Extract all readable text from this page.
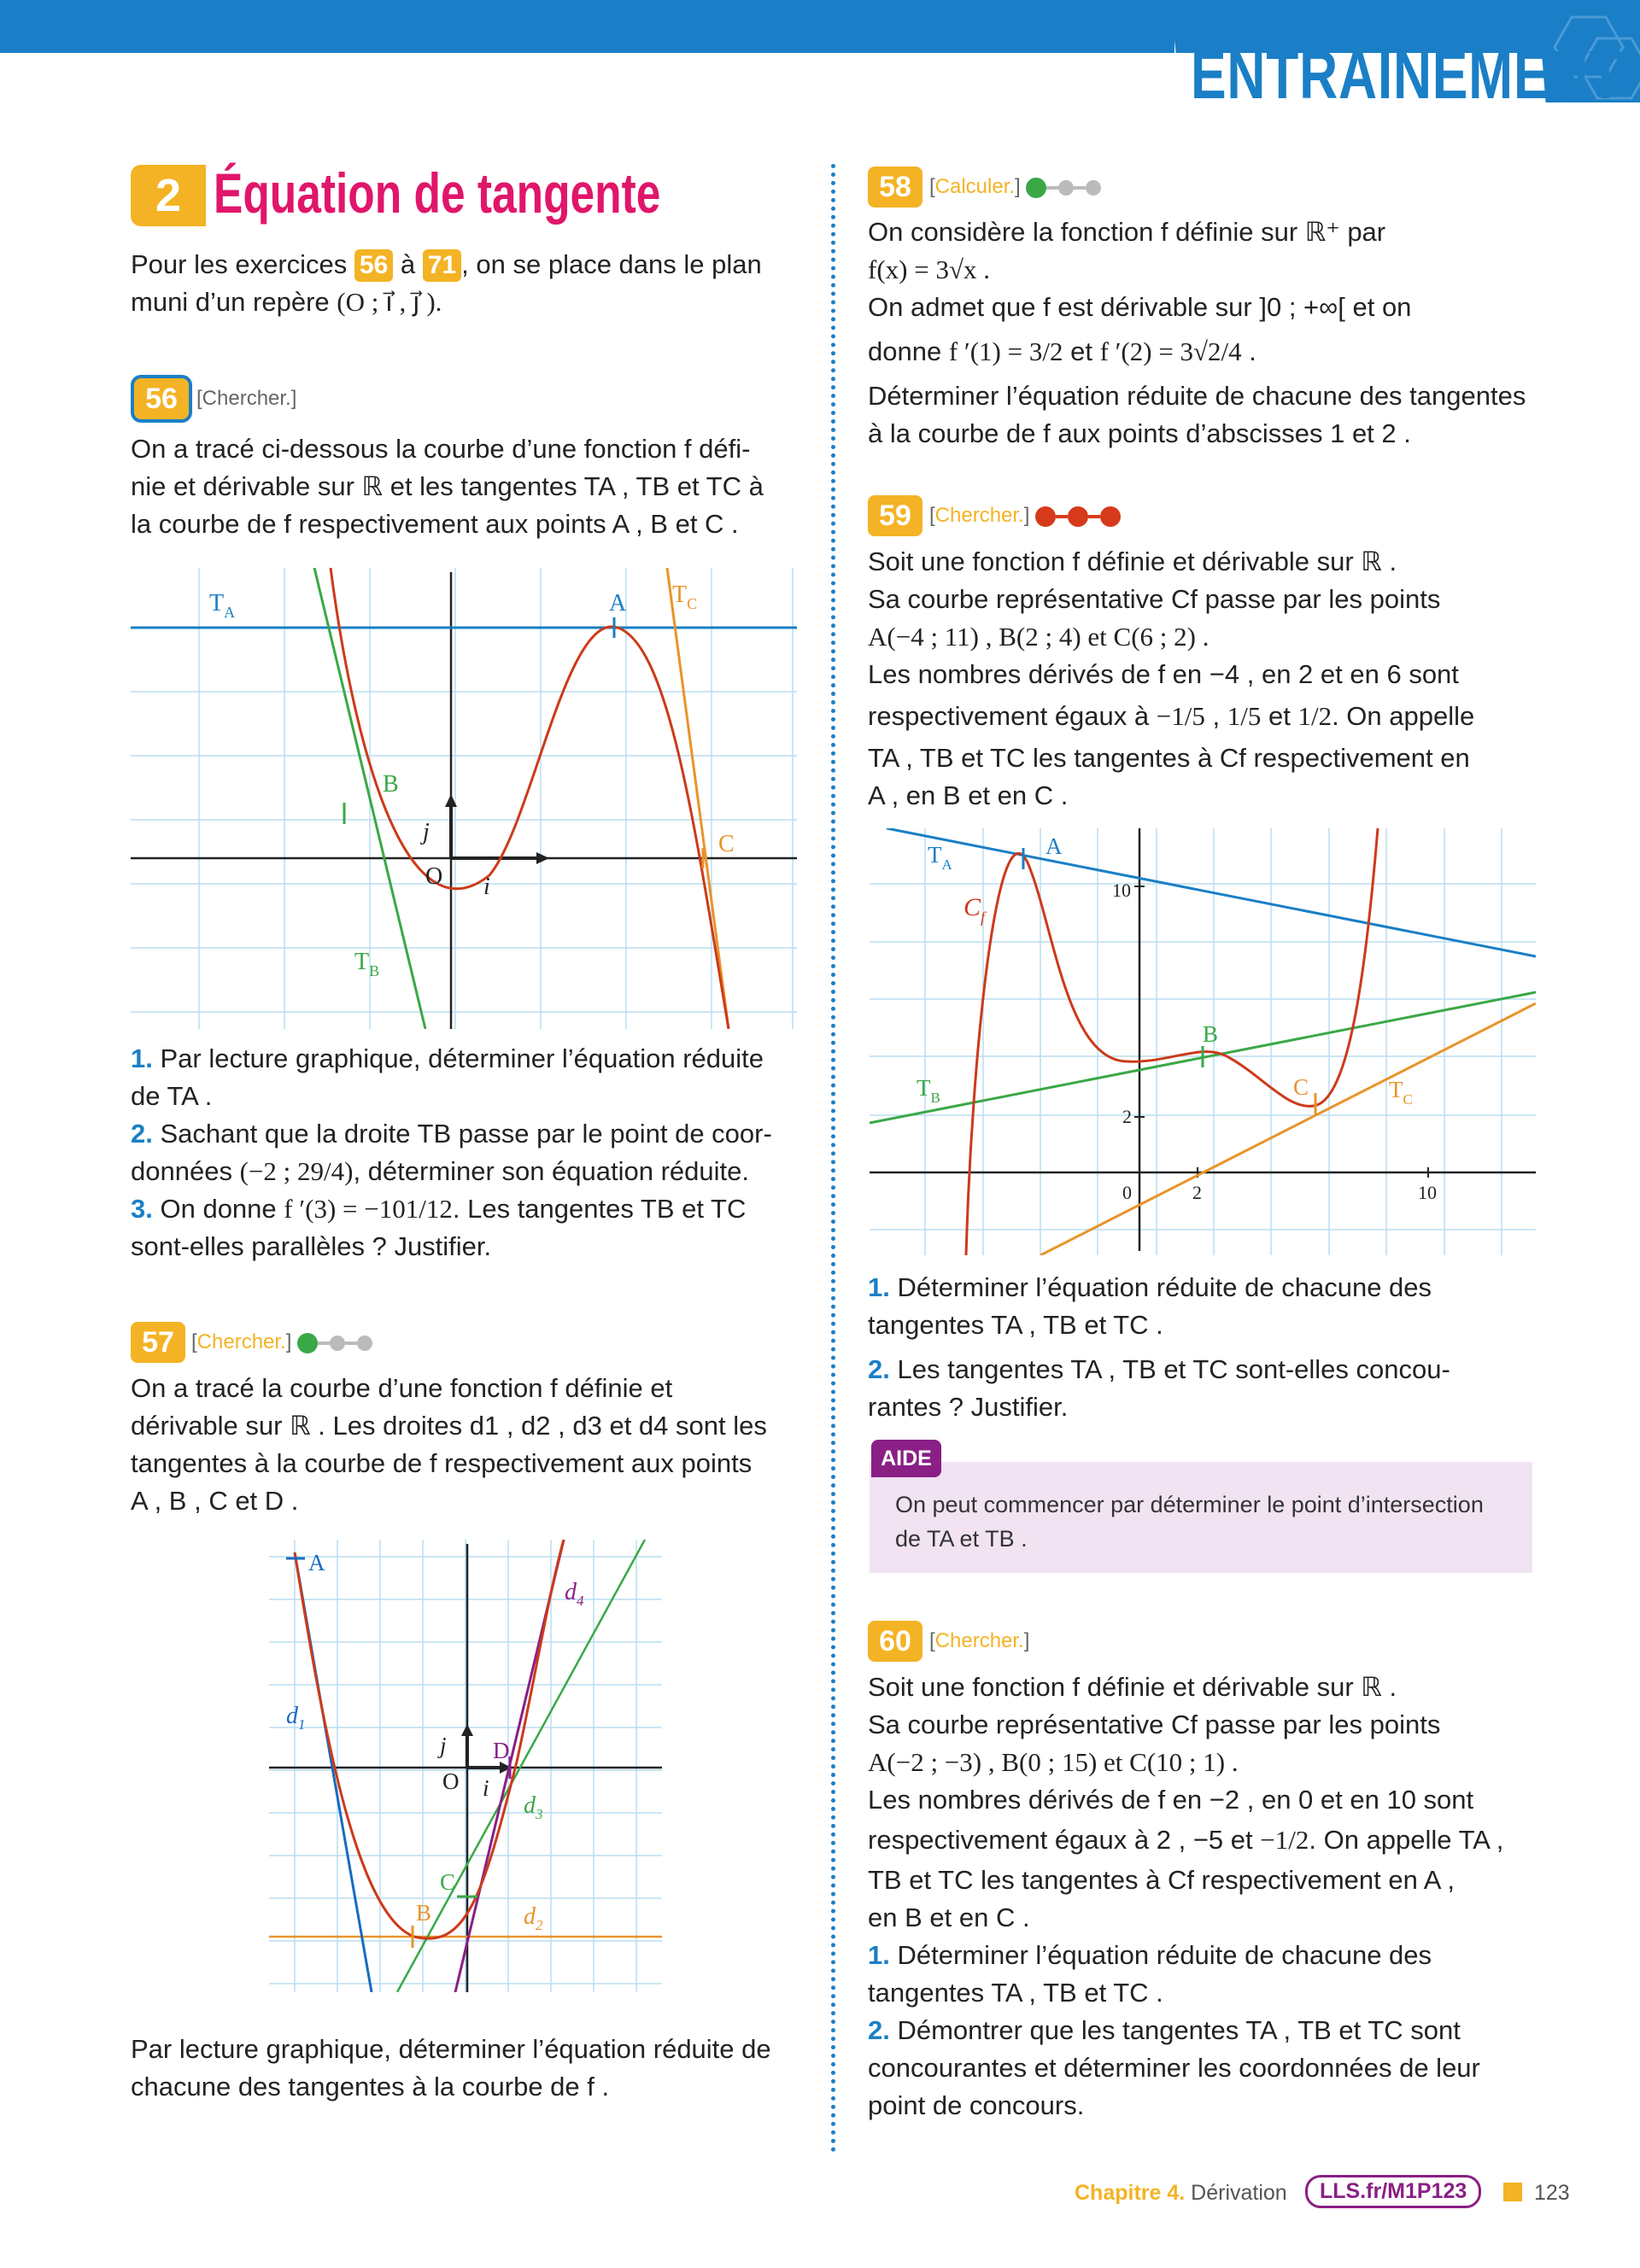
ENTRAÎNEMENT
2 Équation de tangente
Pour les exercices 56 à 71 , on se place dans le plan
muni d’un repère (O ; i⃗ , j⃗ ).
56 [Chercher.]
On a tracé ci-dessous la courbe d’une fonction f défi-
nie et dérivable sur ℝ et les tangentes TA , TB et TC à
la courbe de f respectivement aux points A , B et C .
$T_A$
$T_C$
$T_B$
A
B
C
O i
j
1. Par lecture graphique, déterminer l’équation réduite
de TA .
2. Sachant que la droite TB passe par le point de coor-
données (−2 ; 29/4), déterminer son équation réduite.
3. On donne f ′(3) = −101/12. Les tangentes TB et TC
sont-elles parallèles ? Justifier.
57 [Chercher.]
On a tracé la courbe d’une fonction f définie et
dérivable sur ℝ . Les droites d1 , d2 , d3 et d4 sont les
tangentes à la courbe de f respectivement aux points
A , B , C et D .
A
B
C
D
O i
j
$d_1$
$d_2$
$d_3$
$d_4$
Par lecture graphique, déterminer l’équation réduite de
chacune des tangentes à la courbe de f .
58 [Calculer.]
On considère la fonction f définie sur ℝ⁺ par
f(x) = 3√x .
On admet que f est dérivable sur ]0 ; +∞[ et on
donne f ′(1) = 3/2 et f ′(2) = 3√2/4 .
Déterminer l’équation réduite de chacune des tangentes
à la courbe de f aux points d’abscisses 1 et 2 .
59 [Chercher.]
Soit une fonction f définie et dérivable sur ℝ .
Sa courbe représentative Cf passe par les points
A(−4 ; 11) , B(2 ; 4) et C(6 ; 2) .
Les nombres dérivés de f en −4 , en 2 et en 6 sont
respectivement égaux à −1/5 , 1/5 et 1/2. On appelle
TA , TB et TC les tangentes à Cf respectivement en
A , en B et en C .
$T_A$
$T_B$	$T_C$
A
B
C
$C_f$
10
2
0	2	10
1. Déterminer l’équation réduite de chacune des
tangentes TA , TB et TC .
2. Les tangentes TA , TB et TC sont-elles concou-
rantes ? Justifier.
AIDE
On peut commencer par déterminer le point d’intersection
de TA et TB .
60 [Chercher.]
Soit une fonction f définie et dérivable sur ℝ .
Sa courbe représentative Cf passe par les points
A(−2 ; −3) , B(0 ; 15) et C(10 ; 1) .
Les nombres dérivés de f en −2 , en 0 et en 10 sont
respectivement égaux à 2 , −5 et −1/2. On appelle TA ,
TB et TC les tangentes à Cf respectivement en A ,
en B et en C .
1. Déterminer l’équation réduite de chacune des
tangentes TA , TB et TC .
2. Démontrer que les tangentes TA , TB et TC sont
concourantes et déterminer les coordonnées de leur
point de concours.
Chapitre 4. Dérivation	LLS.fr/M1P123	123
